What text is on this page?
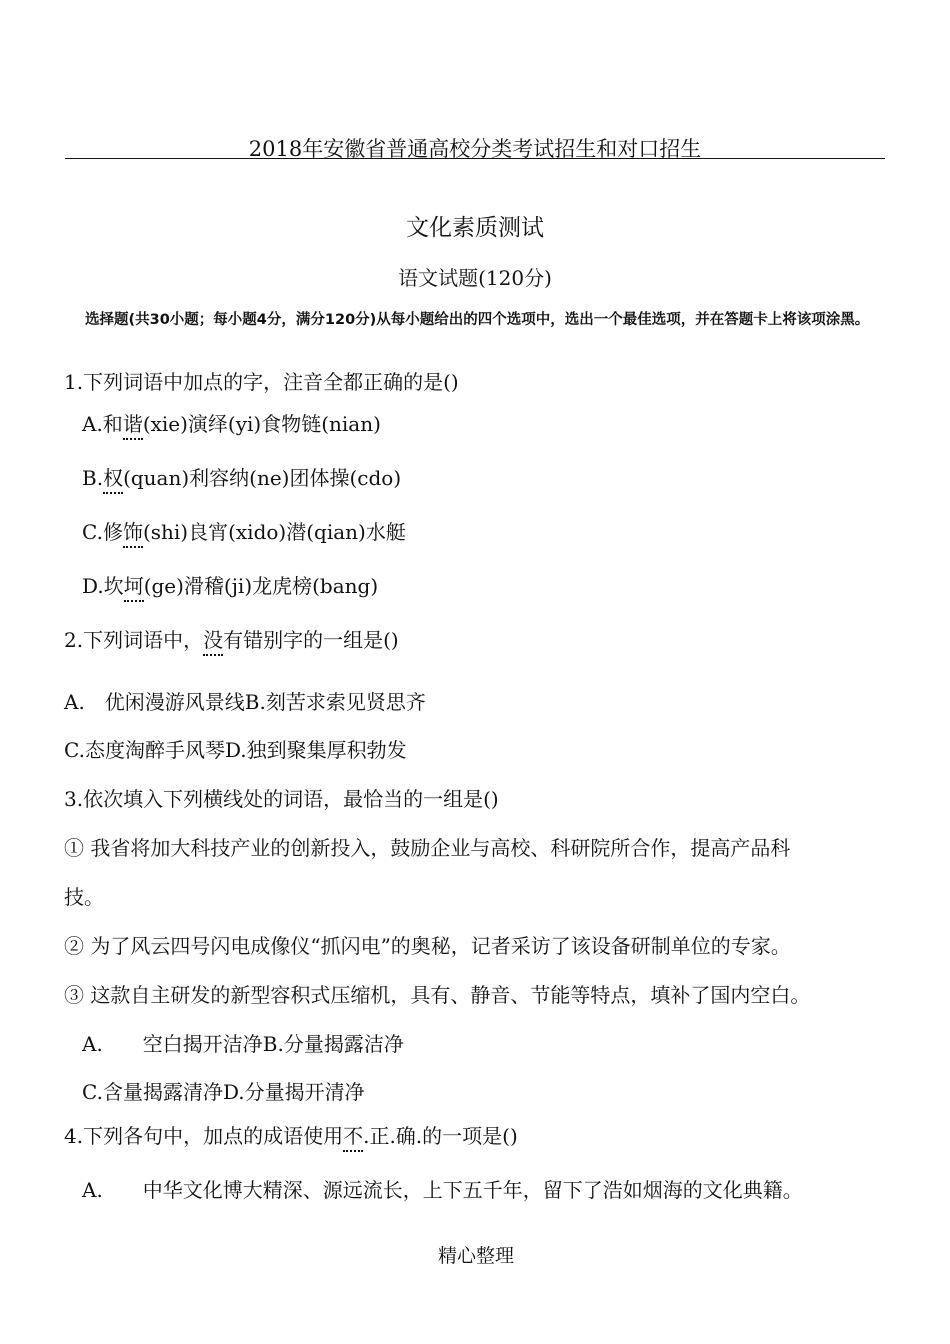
2018年安徽省普通高校分类考试招生和对口招生
文化素质测试
语文试题(120分)
选择题(共30小题；每小题4分，满分120分)从每小题给出的四个选项中，选出一个最佳选项，并在答题卡上将该项涂黑。
1.下列词语中加点的字，注音全都正确的是()
A.和谐(xie)演绎(yi)食物链(nian)
B.权(quan)利容纳(ne)团体操(cdo)
C.修饰(shi)良宵(xido)潜(qian)水艇
D.坎坷(ge)滑稽(ji)龙虎榜(bang)
2.下列词语中，没有错别字的一组是()
A.　优闲漫游风景线B.刻苦求索见贤思齐
C.态度淘醉手风琴D.独到聚集厚积勃发
3.依次填入下列横线处的词语，最恰当的一组是()
① 我省将加大科技产业的创新投入，鼓励企业与高校、科研院所合作，提高产品科
技。
② 为了风云四号闪电成像仪“抓闪电”的奥秘，记者采访了该设备研制单位的专家。
③ 这款自主研发的新型容积式压缩机，具有、静音、节能等特点，填补了国内空白。
A.　　空白揭开洁净B.分量揭露洁净
C.含量揭露清净D.分量揭开清净
4.下列各句中，加点的成语使用不.正.确.的一项是()
A.　　中华文化博大精深、源远流长，上下五千年，留下了浩如烟海的文化典籍。
精心整理
